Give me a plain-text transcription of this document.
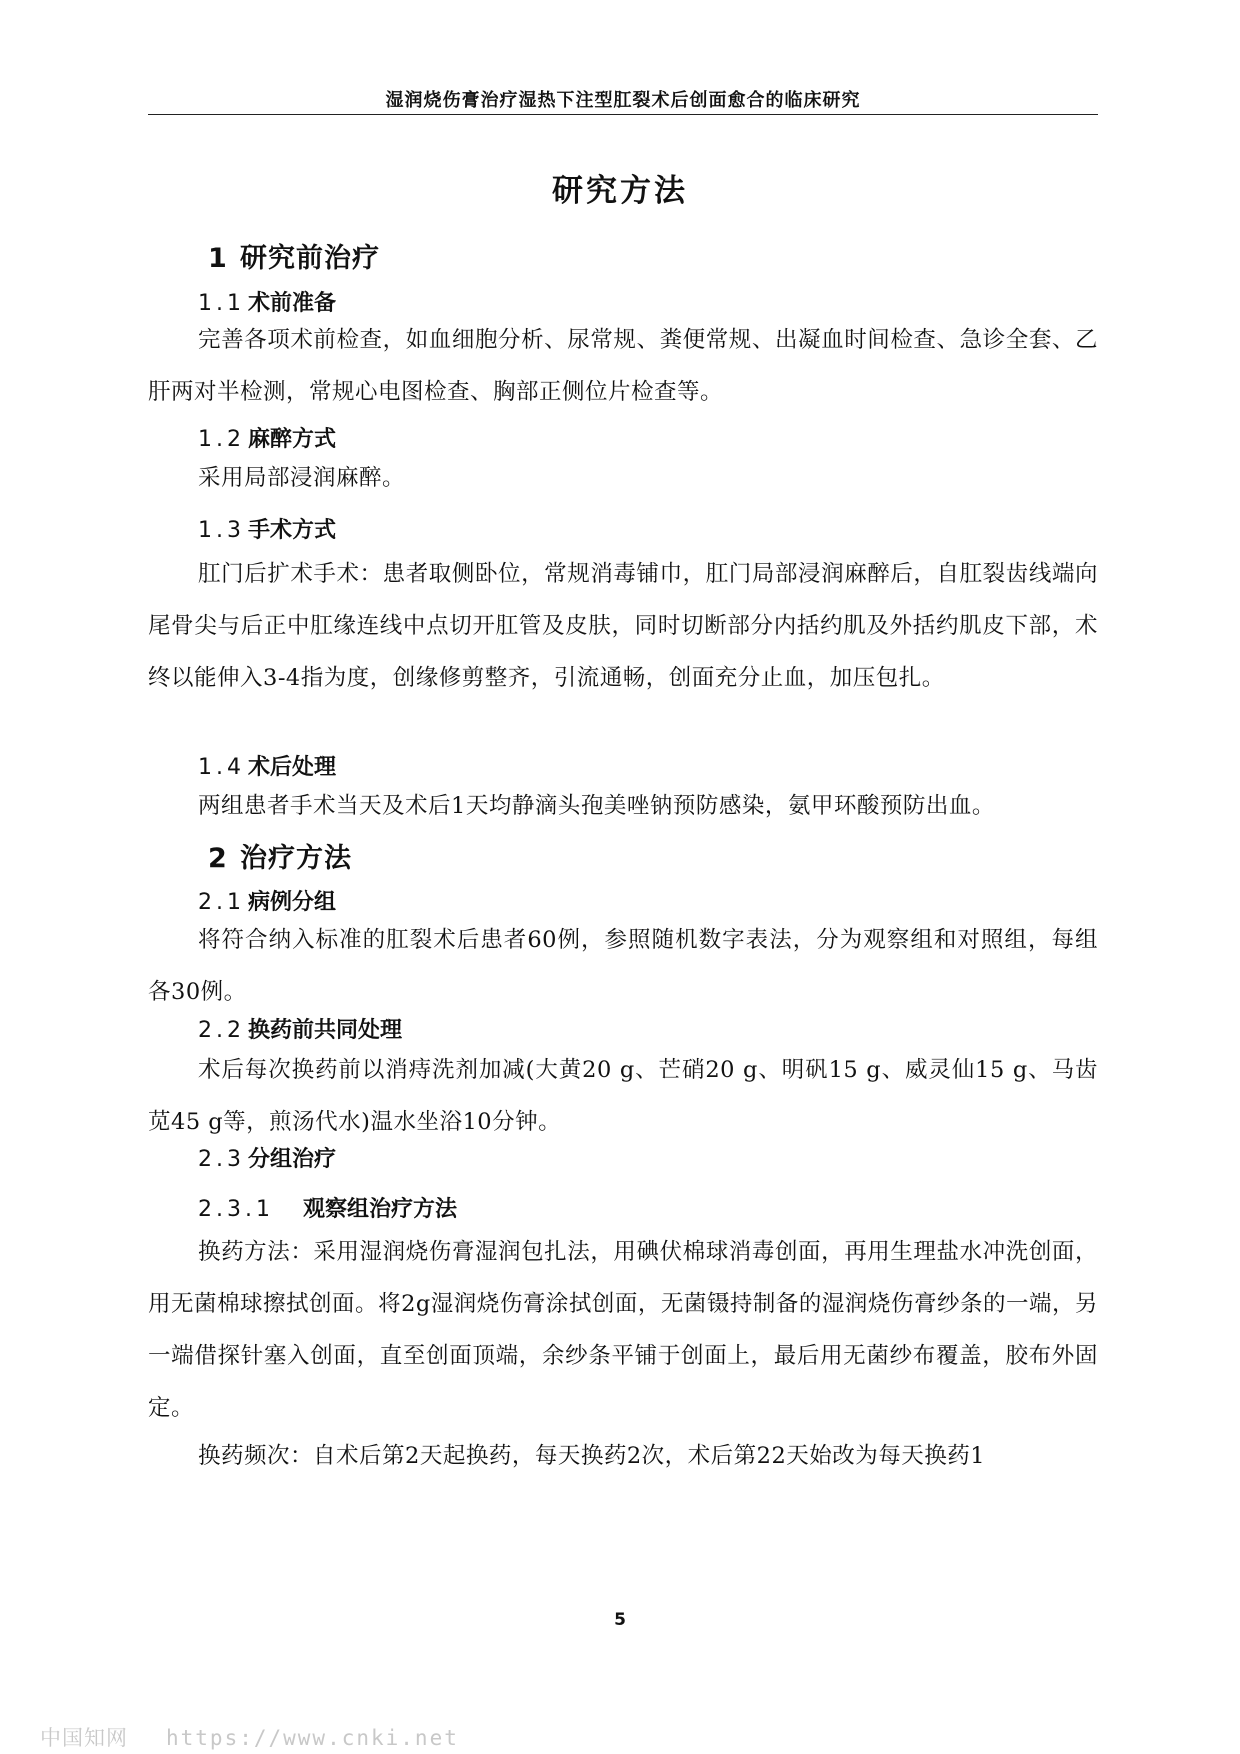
湿润烧伤膏治疗湿热下注型肛裂术后创面愈合的临床研究
研究方法
1 研究前治疗
1.1 术前准备
完善各项术前检查，如血细胞分析、尿常规、粪便常规、出凝血时间检查、急诊全套、乙肝两对半检测，常规心电图检查、胸部正侧位片检查等。
1.2 麻醉方式
采用局部浸润麻醉。
1.3 手术方式
肛门后扩术手术：患者取侧卧位，常规消毒铺巾，肛门局部浸润麻醉后，自肛裂齿线端向尾骨尖与后正中肛缘连线中点切开肛管及皮肤，同时切断部分内括约肌及外括约肌皮下部，术终以能伸入3-4指为度，创缘修剪整齐，引流通畅，创面充分止血，加压包扎。
1.4 术后处理
两组患者手术当天及术后1天均静滴头孢美唑钠预防感染，氨甲环酸预防出血。
2 治疗方法
2.1 病例分组
将符合纳入标准的肛裂术后患者60例，参照随机数字表法，分为观察组和对照组，每组各30例。
2.2 换药前共同处理
术后每次换药前以消痔洗剂加减(大黄20 g、芒硝20 g、明矾15 g、威灵仙15 g、马齿苋45 g等，煎汤代水)温水坐浴10分钟。
2.3 分组治疗
2.3.1 观察组治疗方法
换药方法：采用湿润烧伤膏湿润包扎法，用碘伏棉球消毒创面，再用生理盐水冲洗创面，用无菌棉球擦拭创面。将2g湿润烧伤膏涂拭创面，无菌镊持制备的湿润烧伤膏纱条的一端，另一端借探针塞入创面，直至创面顶端，余纱条平铺于创面上，最后用无菌纱布覆盖，胶布外固定。
换药频次：自术后第2天起换药，每天换药2次，术后第22天始改为每天换药1
5
中国知网 https://www.cnki.net
